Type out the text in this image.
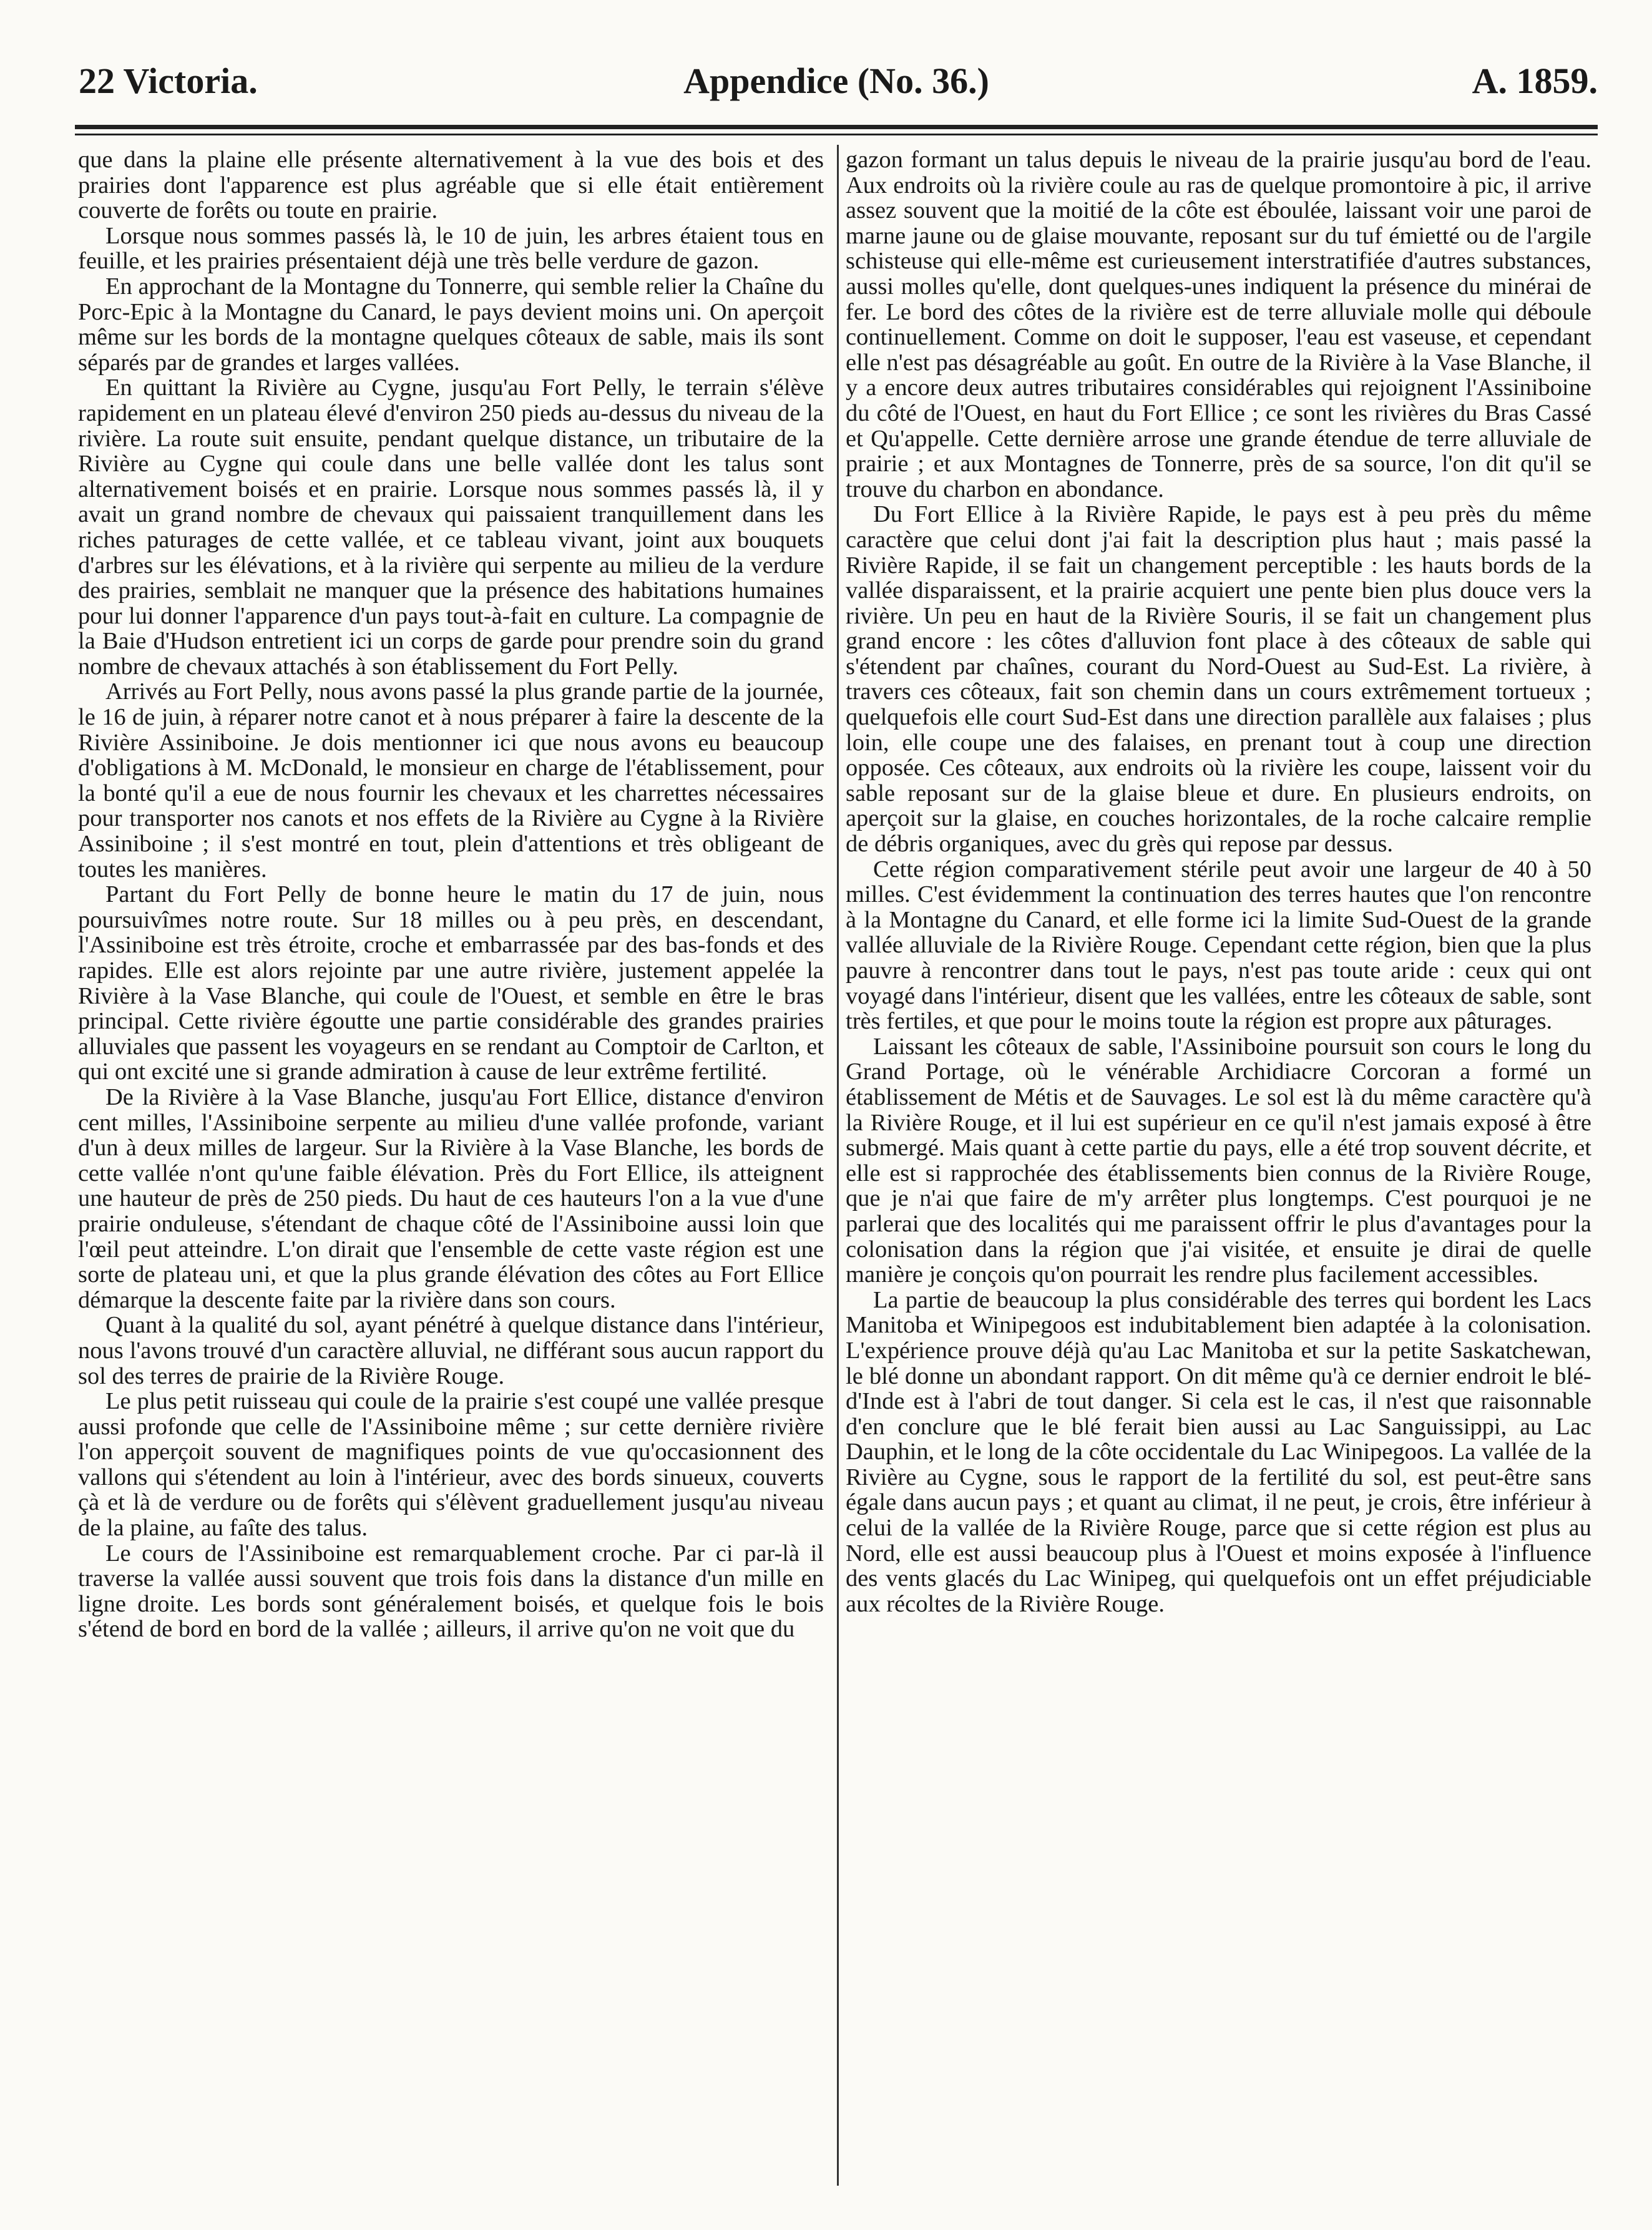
22 Victoria.	Appendice (No. 36.)	A. 1859.

que dans la plaine elle présente alternativement à la vue des bois et des prairies dont l'apparence est plus agréable que si elle était entièrement couverte de forêts ou toute en prairie.

Lorsque nous sommes passés là, le 10 de juin, les arbres étaient tous en feuille, et les prairies présentaient déjà une très belle verdure de gazon.

En approchant de la Montagne du Tonnerre, qui semble relier la Chaîne du Porc-Epic à la Montagne du Canard, le pays devient moins uni. On aperçoit même sur les bords de la montagne quelques côteaux de sable, mais ils sont séparés par de grandes et larges vallées.

En quittant la Rivière au Cygne, jusqu'au Fort Pelly, le terrain s'élève rapidement en un plateau élevé d'environ 250 pieds au-dessus du niveau de la rivière. La route suit ensuite, pendant quelque distance, un tributaire de la Rivière au Cygne qui coule dans une belle vallée dont les talus sont alternativement boisés et en prairie. Lorsque nous sommes passés là, il y avait un grand nombre de chevaux qui paissaient tranquillement dans les riches paturages de cette vallée, et ce tableau vivant, joint aux bouquets d'arbres sur les élévations, et à la rivière qui serpente au milieu de la verdure des prairies, semblait ne manquer que la présence des habitations humaines pour lui donner l'apparence d'un pays tout-à-fait en culture. La compagnie de la Baie d'Hudson entretient ici un corps de garde pour prendre soin du grand nombre de chevaux attachés à son établissement du Fort Pelly.

Arrivés au Fort Pelly, nous avons passé la plus grande partie de la journée, le 16 de juin, à réparer notre canot et à nous préparer à faire la descente de la Rivière Assiniboine. Je dois mentionner ici que nous avons eu beaucoup d'obligations à M. McDonald, le monsieur en charge de l'établissement, pour la bonté qu'il a eue de nous fournir les chevaux et les charrettes nécessaires pour transporter nos canots et nos effets de la Rivière au Cygne à la Rivière Assiniboine ; il s'est montré en tout, plein d'attentions et très obligeant de toutes les manières.

Partant du Fort Pelly de bonne heure le matin du 17 de juin, nous poursuivîmes notre route. Sur 18 milles ou à peu près, en descendant, l'Assiniboine est très étroite, croche et embarrassée par des bas-fonds et des rapides. Elle est alors rejointe par une autre rivière, justement appelée la Rivière à la Vase Blanche, qui coule de l'Ouest, et semble en être le bras principal. Cette rivière égoutte une partie considérable des grandes prairies alluviales que passent les voyageurs en se rendant au Comptoir de Carlton, et qui ont excité une si grande admiration à cause de leur extrême fertilité.

De la Rivière à la Vase Blanche, jusqu'au Fort Ellice, distance d'environ cent milles, l'Assiniboine serpente au milieu d'une vallée profonde, variant d'un à deux milles de largeur. Sur la Rivière à la Vase Blanche, les bords de cette vallée n'ont qu'une faible élévation. Près du Fort Ellice, ils atteignent une hauteur de près de 250 pieds. Du haut de ces hauteurs l'on a la vue d'une prairie onduleuse, s'étendant de chaque côté de l'Assiniboine aussi loin que l'œil peut atteindre. L'on dirait que l'ensemble de cette vaste région est une sorte de plateau uni, et que la plus grande élévation des côtes au Fort Ellice démarque la descente faite par la rivière dans son cours.

Quant à la qualité du sol, ayant pénétré à quelque distance dans l'intérieur, nous l'avons trouvé d'un caractère alluvial, ne différant sous aucun rapport du sol des terres de prairie de la Rivière Rouge.

Le plus petit ruisseau qui coule de la prairie s'est coupé une vallée presque aussi profonde que celle de l'Assiniboine même ; sur cette dernière rivière l'on apperçoit souvent de magnifiques points de vue qu'occasionnent des vallons qui s'étendent au loin à l'intérieur, avec des bords sinueux, couverts çà et là de verdure ou de forêts qui s'élèvent graduellement jusqu'au niveau de la plaine, au faîte des talus.

Le cours de l'Assiniboine est remarquablement croche. Par ci par-là il traverse la vallée aussi souvent que trois fois dans la distance d'un mille en ligne droite. Les bords sont généralement boisés, et quelque fois le bois s'étend de bord en bord de la vallée ; ailleurs, il arrive qu'on ne voit que du

gazon formant un talus depuis le niveau de la prairie jusqu'au bord de l'eau. Aux endroits où la rivière coule au ras de quelque promontoire à pic, il arrive assez souvent que la moitié de la côte est éboulée, laissant voir une paroi de marne jaune ou de glaise mouvante, reposant sur du tuf émietté ou de l'argile schisteuse qui elle-même est curieusement interstratifiée d'autres substances, aussi molles qu'elle, dont quelques-unes indiquent la présence du minérai de fer. Le bord des côtes de la rivière est de terre alluviale molle qui déboule continuellement. Comme on doit le supposer, l'eau est vaseuse, et cependant elle n'est pas désagréable au goût. En outre de la Rivière à la Vase Blanche, il y a encore deux autres tributaires considérables qui rejoignent l'Assiniboine du côté de l'Ouest, en haut du Fort Ellice ; ce sont les rivières du Bras Cassé et Qu'appelle. Cette dernière arrose une grande étendue de terre alluviale de prairie ; et aux Montagnes de Tonnerre, près de sa source, l'on dit qu'il se trouve du charbon en abondance.

Du Fort Ellice à la Rivière Rapide, le pays est à peu près du même caractère que celui dont j'ai fait la description plus haut ; mais passé la Rivière Rapide, il se fait un changement perceptible : les hauts bords de la vallée disparaissent, et la prairie acquiert une pente bien plus douce vers la rivière. Un peu en haut de la Rivière Souris, il se fait un changement plus grand encore : les côtes d'alluvion font place à des côteaux de sable qui s'étendent par chaînes, courant du Nord-Ouest au Sud-Est. La rivière, à travers ces côteaux, fait son chemin dans un cours extrêmement tortueux ; quelquefois elle court Sud-Est dans une direction parallèle aux falaises ; plus loin, elle coupe une des falaises, en prenant tout à coup une direction opposée. Ces côteaux, aux endroits où la rivière les coupe, laissent voir du sable reposant sur de la glaise bleue et dure. En plusieurs endroits, on aperçoit sur la glaise, en couches horizontales, de la roche calcaire remplie de débris organiques, avec du grès qui repose par dessus.

Cette région comparativement stérile peut avoir une largeur de 40 à 50 milles. C'est évidemment la continuation des terres hautes que l'on rencontre à la Montagne du Canard, et elle forme ici la limite Sud-Ouest de la grande vallée alluviale de la Rivière Rouge. Cependant cette région, bien que la plus pauvre à rencontrer dans tout le pays, n'est pas toute aride : ceux qui ont voyagé dans l'intérieur, disent que les vallées, entre les côteaux de sable, sont très fertiles, et que pour le moins toute la région est propre aux pâturages.

Laissant les côteaux de sable, l'Assiniboine poursuit son cours le long du Grand Portage, où le vénérable Archidiacre Corcoran a formé un établissement de Métis et de Sauvages. Le sol est là du même caractère qu'à la Rivière Rouge, et il lui est supérieur en ce qu'il n'est jamais exposé à être submergé. Mais quant à cette partie du pays, elle a été trop souvent décrite, et elle est si rapprochée des établissements bien connus de la Rivière Rouge, que je n'ai que faire de m'y arrêter plus longtemps. C'est pourquoi je ne parlerai que des localités qui me paraissent offrir le plus d'avantages pour la colonisation dans la région que j'ai visitée, et ensuite je dirai de quelle manière je conçois qu'on pourrait les rendre plus facilement accessibles.

La partie de beaucoup la plus considérable des terres qui bordent les Lacs Manitoba et Winipegoos est indubitablement bien adaptée à la colonisation. L'expérience prouve déjà qu'au Lac Manitoba et sur la petite Saskatchewan, le blé donne un abondant rapport. On dit même qu'à ce dernier endroit le blé-d'Inde est à l'abri de tout danger. Si cela est le cas, il n'est que raisonnable d'en conclure que le blé ferait bien aussi au Lac Sanguissippi, au Lac Dauphin, et le long de la côte occidentale du Lac Winipegoos. La vallée de la Rivière au Cygne, sous le rapport de la fertilité du sol, est peut-être sans égale dans aucun pays ; et quant au climat, il ne peut, je crois, être inférieur à celui de la vallée de la Rivière Rouge, parce que si cette région est plus au Nord, elle est aussi beaucoup plus à l'Ouest et moins exposée à l'influence des vents glacés du Lac Winipeg, qui quelquefois ont un effet préjudiciable aux récoltes de la Rivière Rouge.
